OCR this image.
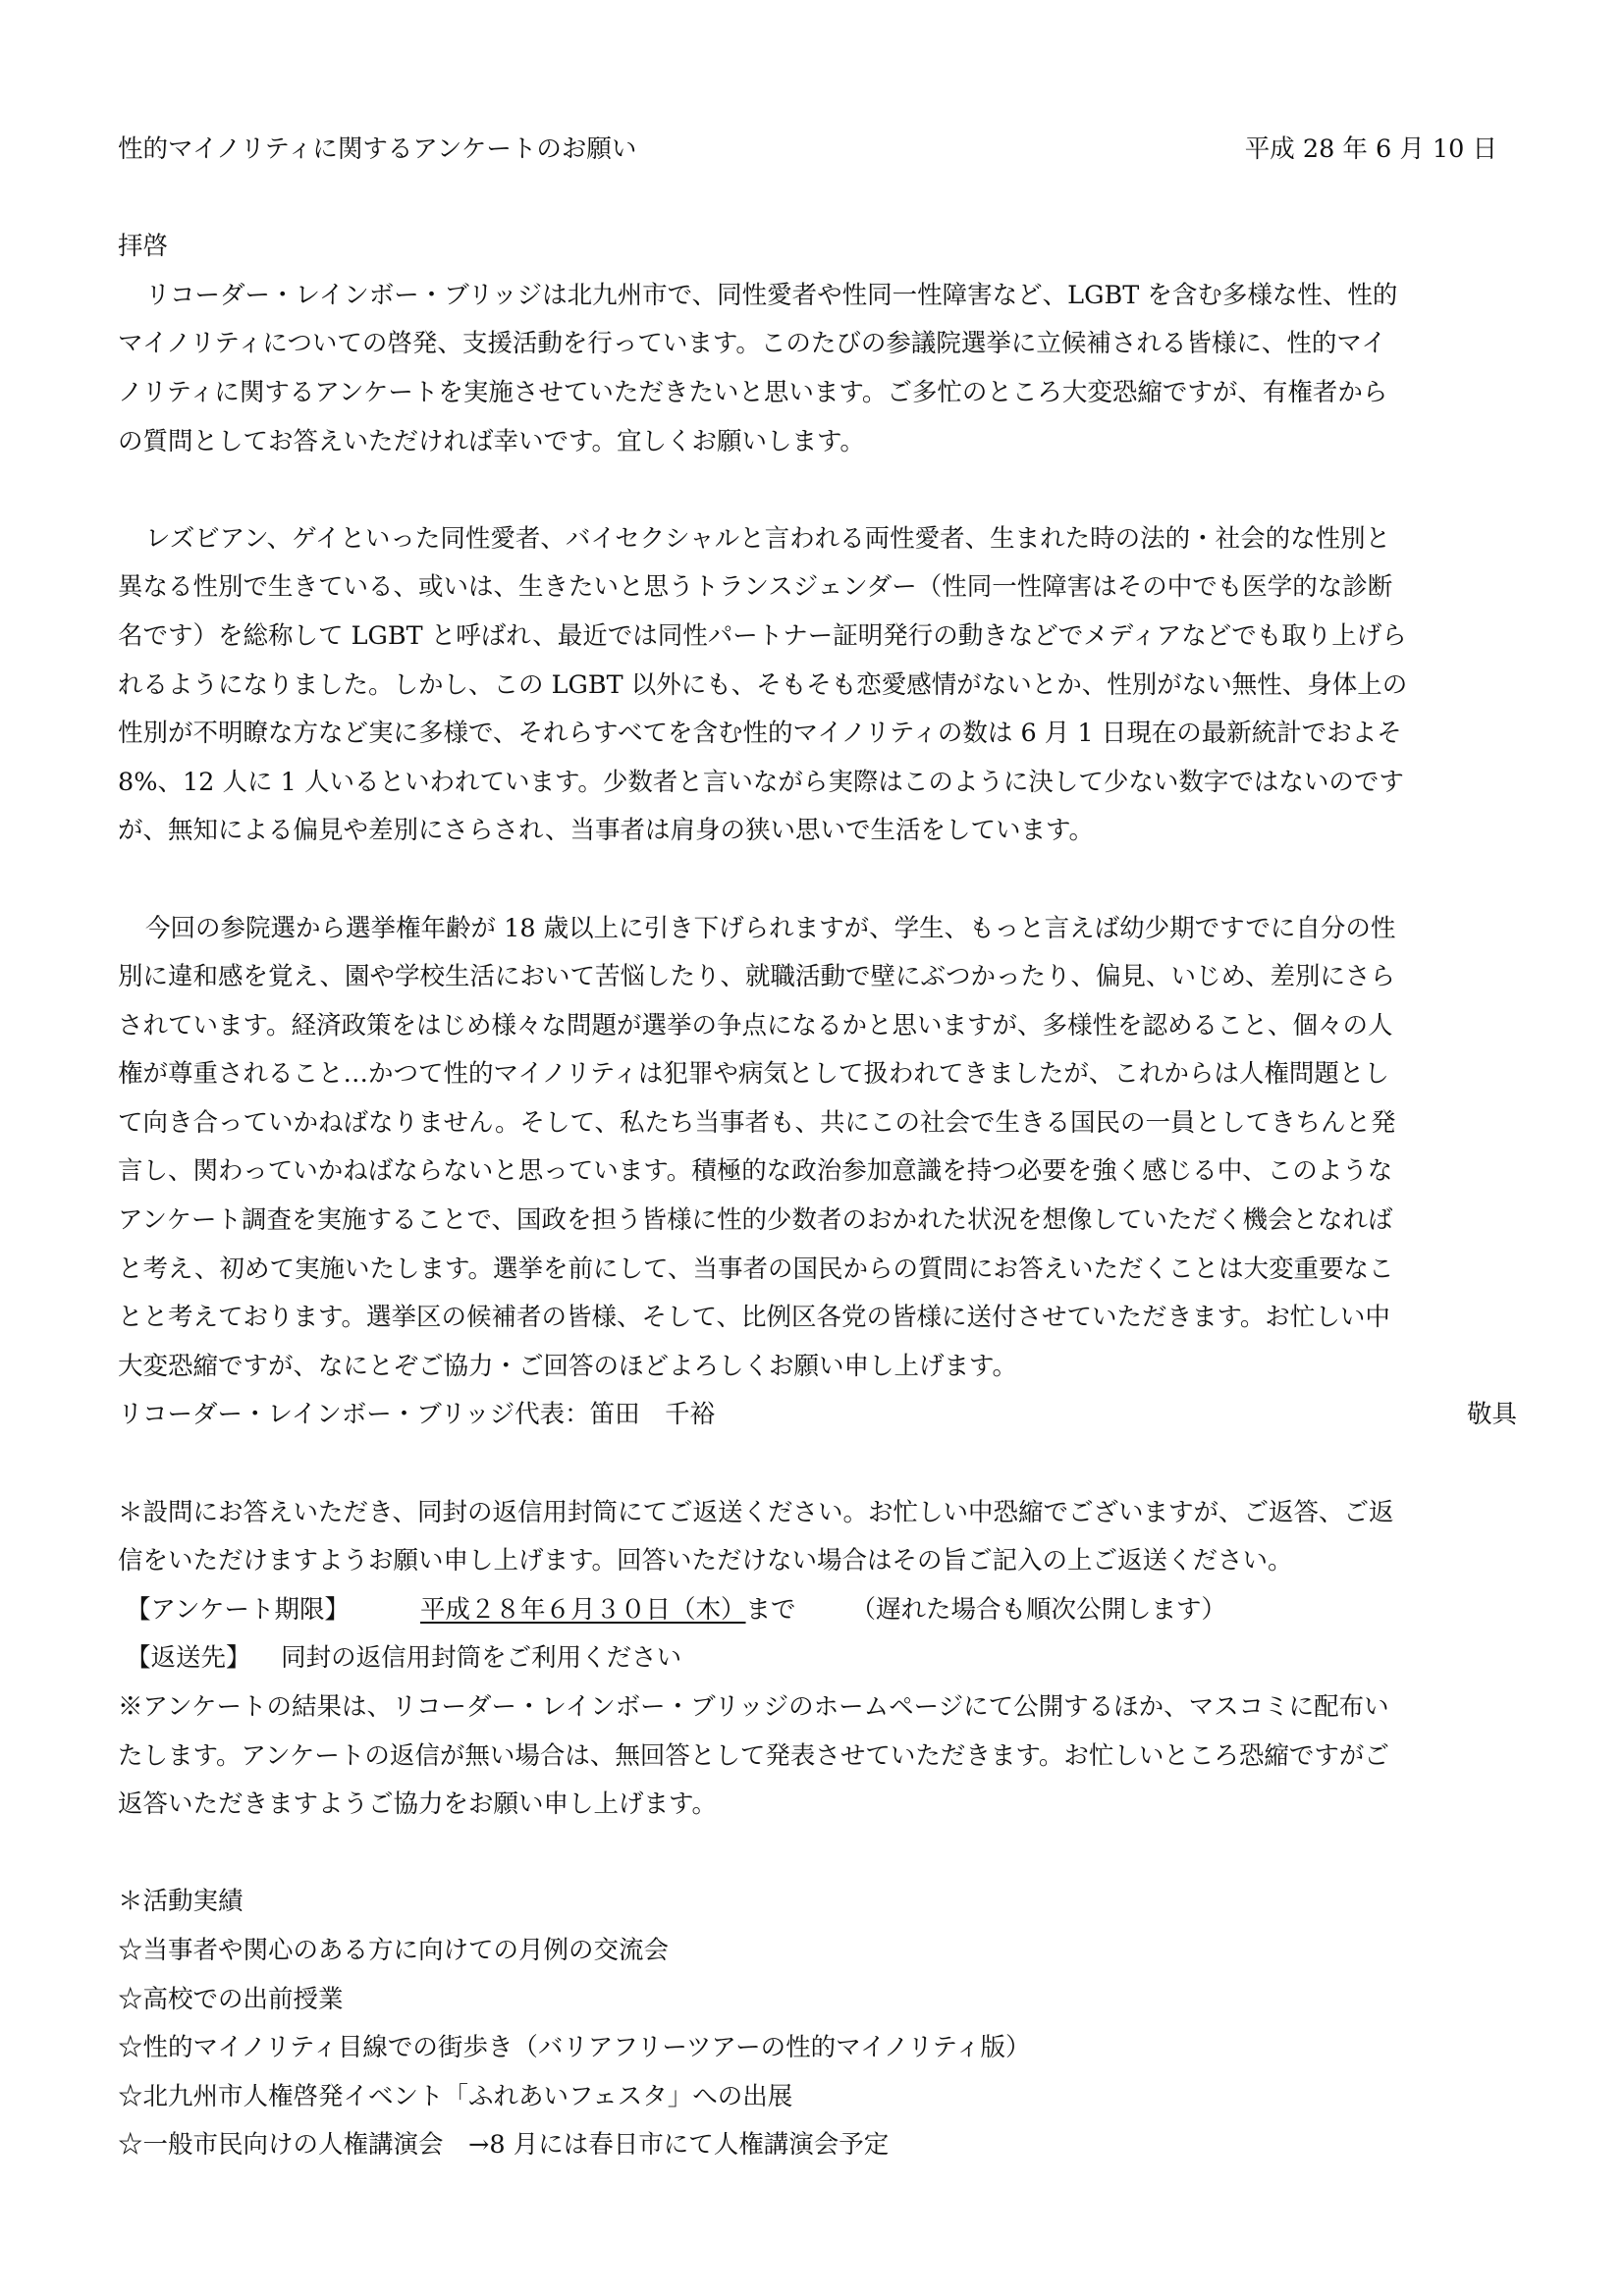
性的マイノリティに関するアンケートのお願い	平成 28 年 6 月 10 日
拝啓
リコーダー・レインボー・ブリッジは北九州市で、同性愛者や性同一性障害など、LGBT を含む多様な性、性的
マイノリティについての啓発、支援活動を行っています。このたびの参議院選挙に立候補される皆様に、性的マイ
ノリティに関するアンケートを実施させていただきたいと思います。ご多忙のところ大変恐縮ですが、有権者から
の質問としてお答えいただければ幸いです。宜しくお願いします。
レズビアン、ゲイといった同性愛者、バイセクシャルと言われる両性愛者、生まれた時の法的・社会的な性別と
異なる性別で生きている、或いは、生きたいと思うトランスジェンダー（性同一性障害はその中でも医学的な診断
名です）を総称して LGBT と呼ばれ、最近では同性パートナー証明発行の動きなどでメディアなどでも取り上げら
れるようになりました。しかし、この LGBT 以外にも、そもそも恋愛感情がないとか、性別がない無性、身体上の
性別が不明瞭な方など実に多様で、それらすべてを含む性的マイノリティの数は 6 月 1 日現在の最新統計でおよそ
8%、12 人に 1 人いるといわれています。少数者と言いながら実際はこのように決して少ない数字ではないのです
が、無知による偏見や差別にさらされ、当事者は肩身の狭い思いで生活をしています。
今回の参院選から選挙権年齢が 18 歳以上に引き下げられますが、学生、もっと言えば幼少期ですでに自分の性
別に違和感を覚え、園や学校生活において苦悩したり、就職活動で壁にぶつかったり、偏見、いじめ、差別にさら
されています。経済政策をはじめ様々な問題が選挙の争点になるかと思いますが、多様性を認めること、個々の人
権が尊重されること…かつて性的マイノリティは犯罪や病気として扱われてきましたが、これからは人権問題とし
て向き合っていかねばなりません。そして、私たち当事者も、共にこの社会で生きる国民の一員としてきちんと発
言し、関わっていかねばならないと思っています。積極的な政治参加意識を持つ必要を強く感じる中、このような
アンケート調査を実施することで、国政を担う皆様に性的少数者のおかれた状況を想像していただく機会となれば
と考え、初めて実施いたします。選挙を前にして、当事者の国民からの質問にお答えいただくことは大変重要なこ
とと考えております。選挙区の候補者の皆様、そして、比例区各党の皆様に送付させていただきます。お忙しい中
大変恐縮ですが、なにとぞご協力・ご回答のほどよろしくお願い申し上げます。
リコーダー・レインボー・ブリッジ代表：笛田　千裕	敬具
＊設問にお答えいただき、同封の返信用封筒にてご返送ください。お忙しい中恐縮でございますが、ご返答、ご返
信をいただけますようお願い申し上げます。回答いただけない場合はその旨ご記入の上ご返送ください。
【アンケート期限】	平成２８年６月３０日（木） まで （遅れた場合も順次公開します）
【返送先】 同封の返信用封筒をご利用ください
※アンケートの結果は、リコーダー・レインボー・ブリッジのホームページにて公開するほか、マスコミに配布い
たします。アンケートの返信が無い場合は、無回答として発表させていただきます。お忙しいところ恐縮ですがご
返答いただきますようご協力をお願い申し上げます。
＊活動実績
☆当事者や関心のある方に向けての月例の交流会
☆高校での出前授業
☆性的マイノリティ目線での街歩き（バリアフリーツアーの性的マイノリティ版）
☆北九州市人権啓発イベント「ふれあいフェスタ」への出展
☆一般市民向けの人権講演会　→8 月には春日市にて人権講演会予定
